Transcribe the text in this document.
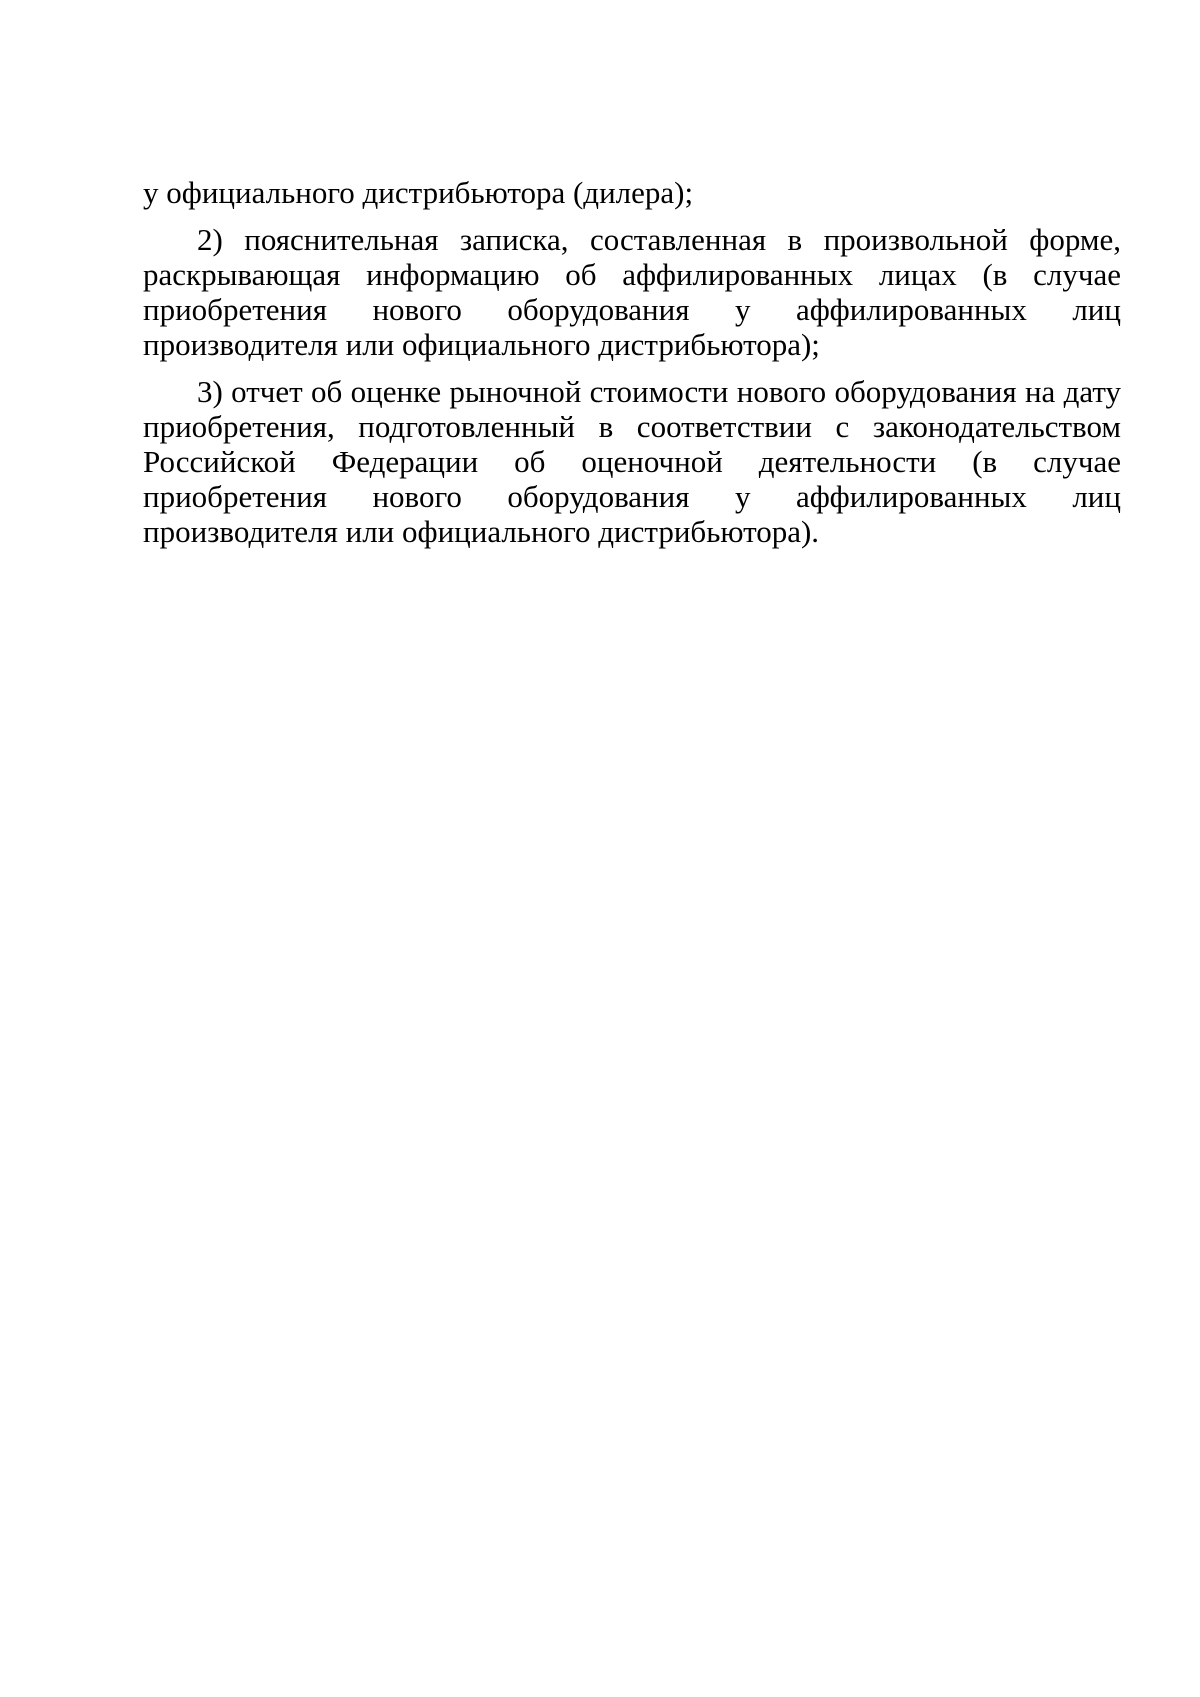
у официального дистрибьютора (дилера);

2) пояснительная записка, составленная в произвольной форме, раскрывающая информацию об аффилированных лицах (в случае приобретения нового оборудования у аффилированных лиц производителя или официального дистрибьютора);

3) отчет об оценке рыночной стоимости нового оборудования на дату приобретения, подготовленный в соответствии с законодательством Российской Федерации об оценочной деятельности (в случае приобретения нового оборудования у аффилированных лиц производителя или официального дистрибьютора).
